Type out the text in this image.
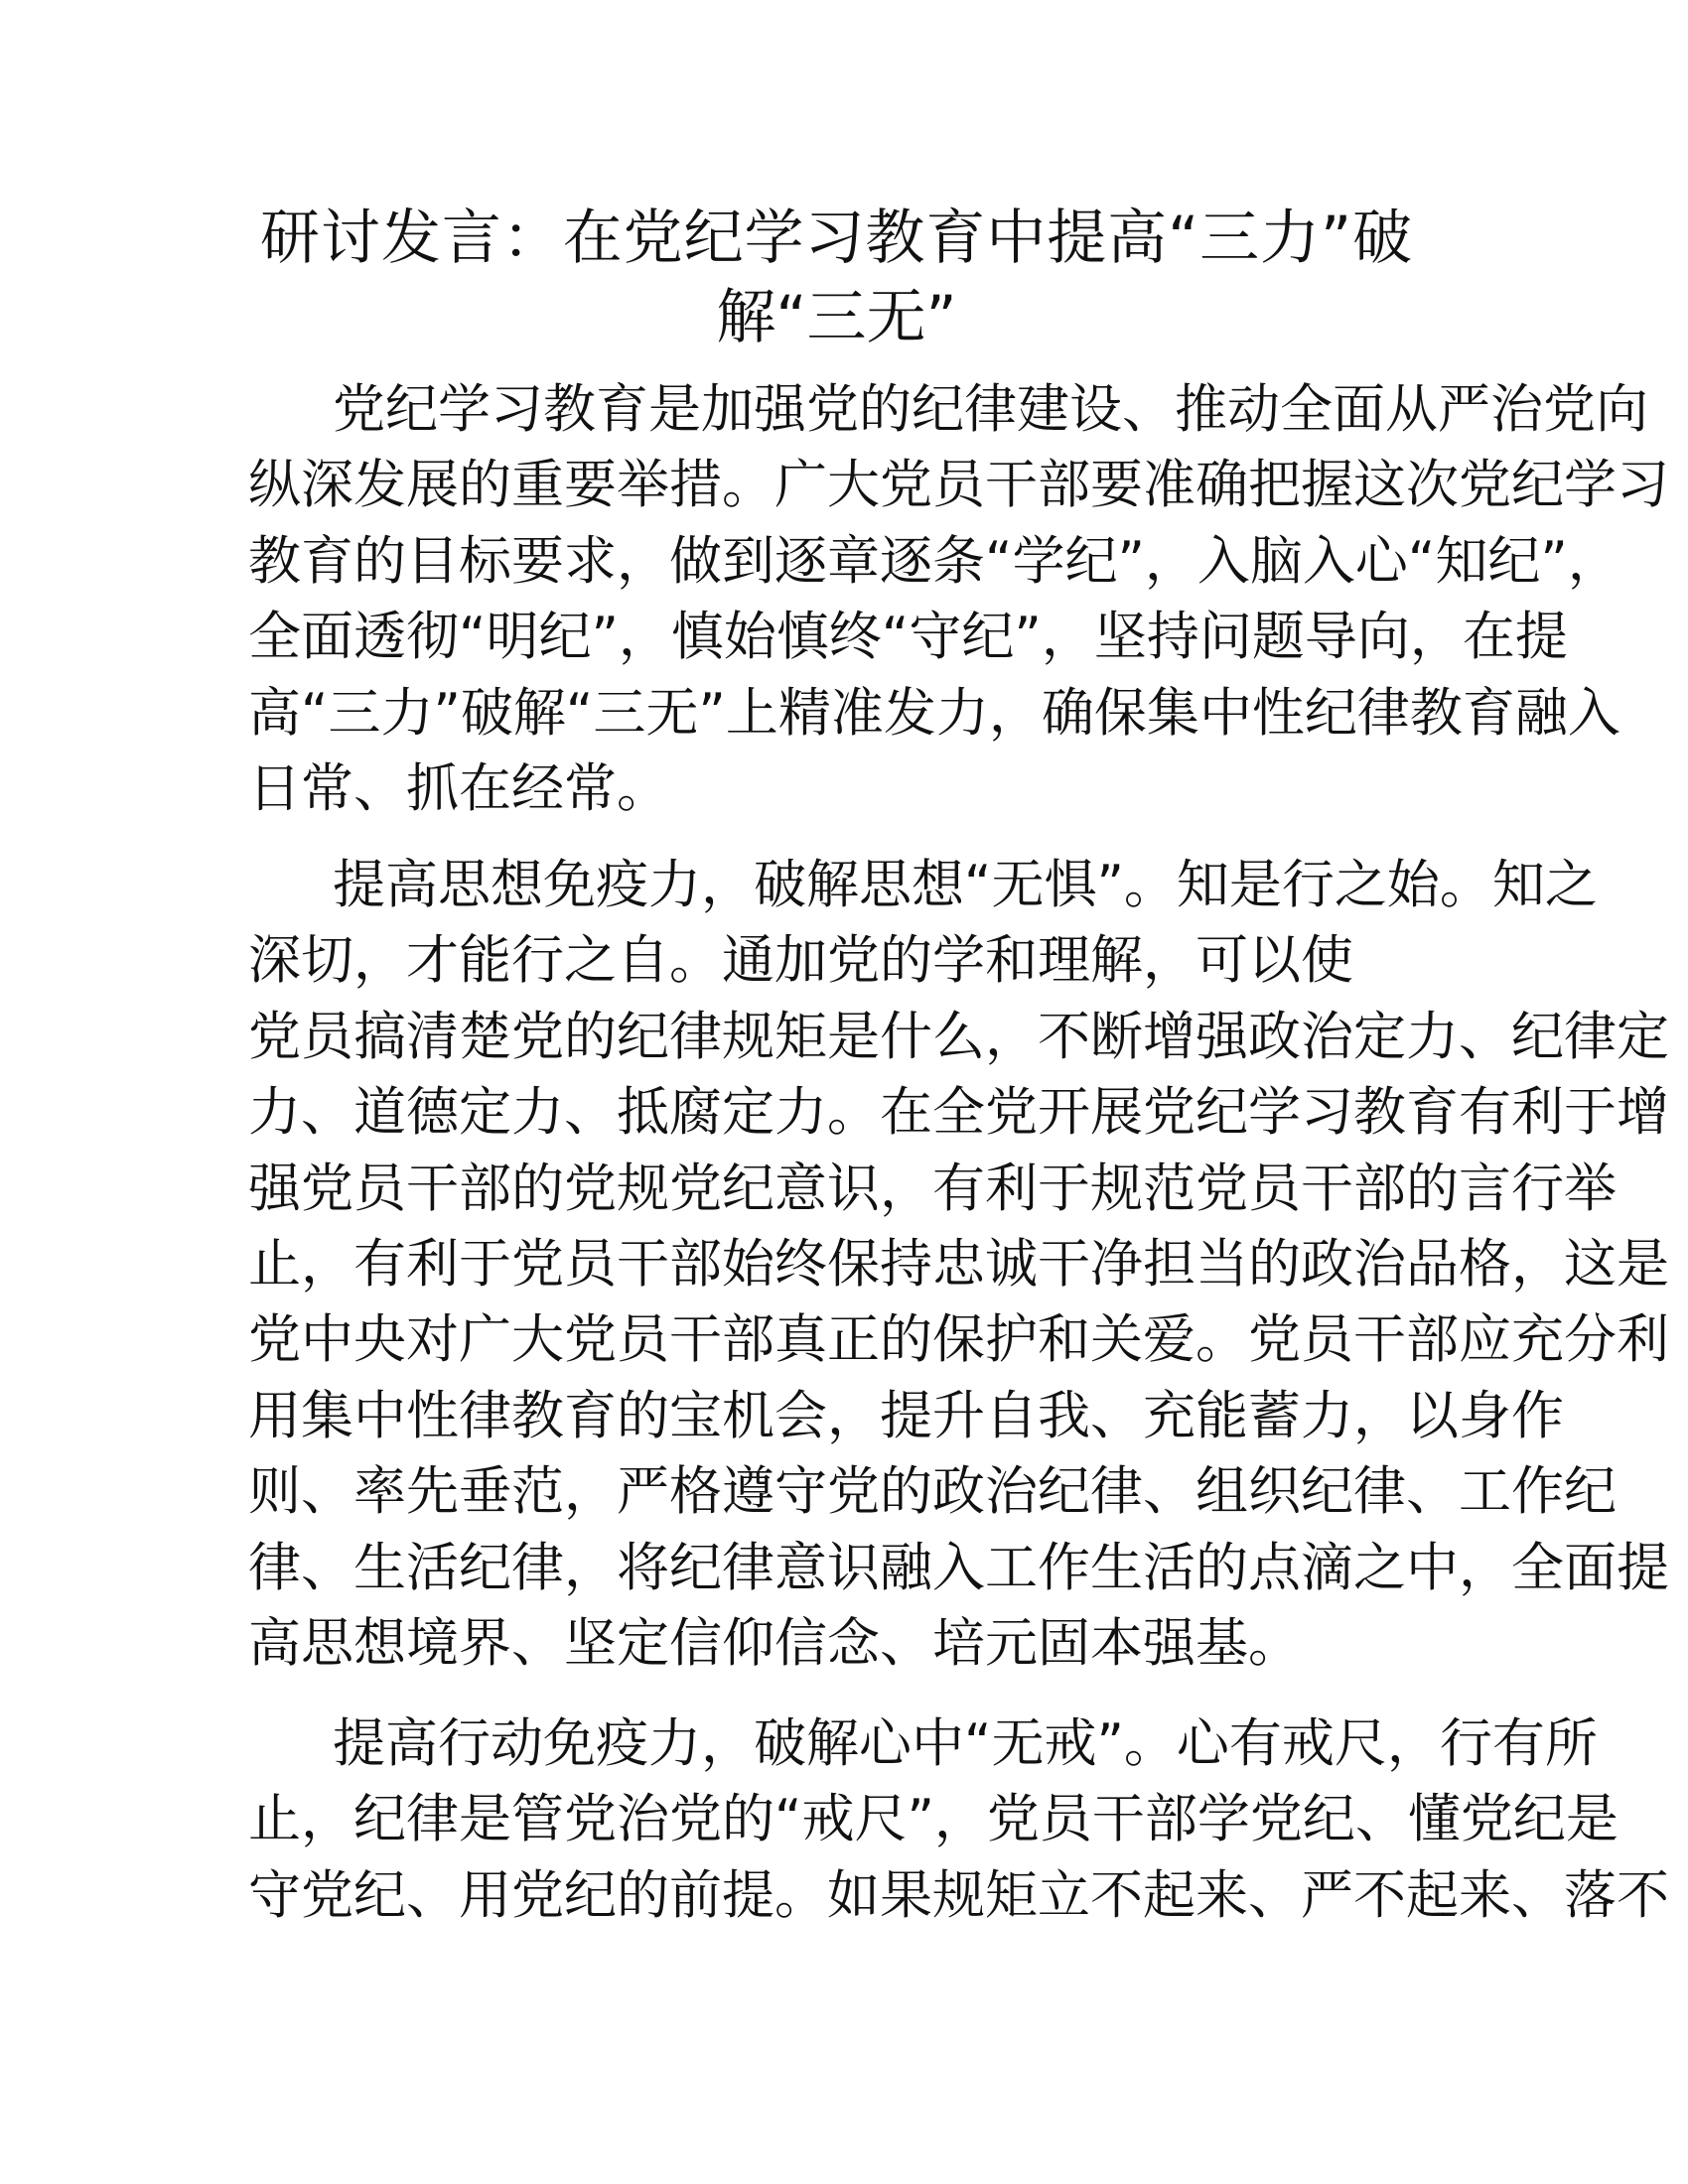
研讨发言：在党纪学习教育中提高“三力”破
解“三无”
党纪学习教育是加强党的纪律建设、推动全面从严治党向
纵深发展的重要举措。广大党员干部要准确把握这次党纪学习
教育的目标要求，做到逐章逐条“学纪”，入脑入心“知纪”，
全面透彻“明纪”，慎始慎终“守纪”，坚持问题导向，在提
高“三力”破解“三无”上精准发力，确保集中性纪律教育融入
日常、抓在经常。
提高思想免疫力，破解思想“无惧”。知是行之始。知之
深切，才能行之自。通加党的学和理解，可以使
党员搞清楚党的纪律规矩是什么，不断增强政治定力、纪律定
力、道德定力、抵腐定力。在全党开展党纪学习教育有利于增
强党员干部的党规党纪意识，有利于规范党员干部的言行举
止，有利于党员干部始终保持忠诚干净担当的政治品格，这是
党中央对广大党员干部真正的保护和关爱。党员干部应充分利
用集中性律教育的宝机会，提升自我、充能蓄力，以身作
则、率先垂范，严格遵守党的政治纪律、组织纪律、工作纪
律、生活纪律，将纪律意识融入工作生活的点滴之中，全面提
高思想境界、坚定信仰信念、培元固本强基。
提高行动免疫力，破解心中“无戒”。心有戒尺，行有所
止，纪律是管党治党的“戒尺”，党员干部学党纪、懂党纪是
守党纪、用党纪的前提。如果规矩立不起来、严不起来、落不
